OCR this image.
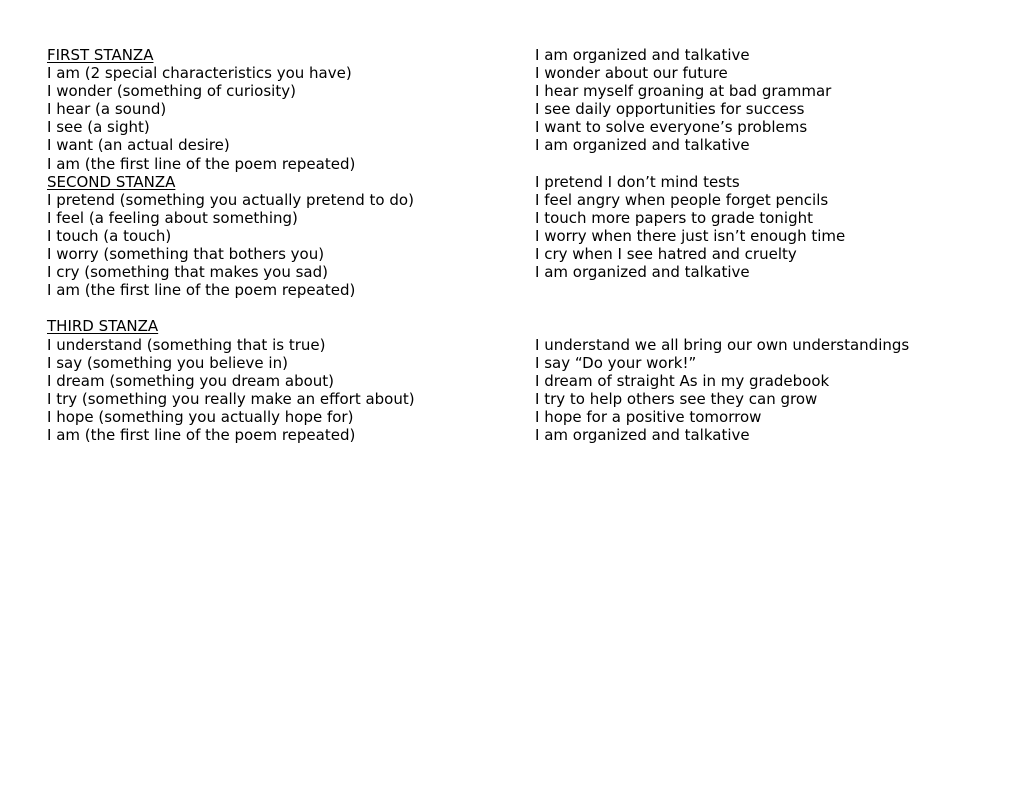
FIRST STANZA
I am (2 special characteristics you have)
I wonder (something of curiosity)
I hear (a sound)
I see (a sight)
I want (an actual desire)
I am (the first line of the poem repeated)
SECOND STANZA
I pretend (something you actually pretend to do)
I feel (a feeling about something)
I touch (a touch)
I worry (something that bothers you)
I cry (something that makes you sad)
I am (the first line of the poem repeated)
THIRD STANZA
I understand (something that is true)
I say (something you believe in)
I dream (something you dream about)
I try (something you really make an effort about)
I hope (something you actually hope for)
I am (the first line of the poem repeated)
I am organized and talkative
I wonder about our future
I hear myself groaning at bad grammar
I see daily opportunities for success
I want to solve everyone’s problems
I am organized and talkative
I pretend I don’t mind tests
I feel angry when people forget pencils
I touch more papers to grade tonight
I worry when there just isn’t enough time
I cry when I see hatred and cruelty
I am organized and talkative
I understand we all bring our own understandings
I say “Do your work!”
I dream of straight As in my gradebook
I try to help others see they can grow
I hope for a positive tomorrow
I am organized and talkative
